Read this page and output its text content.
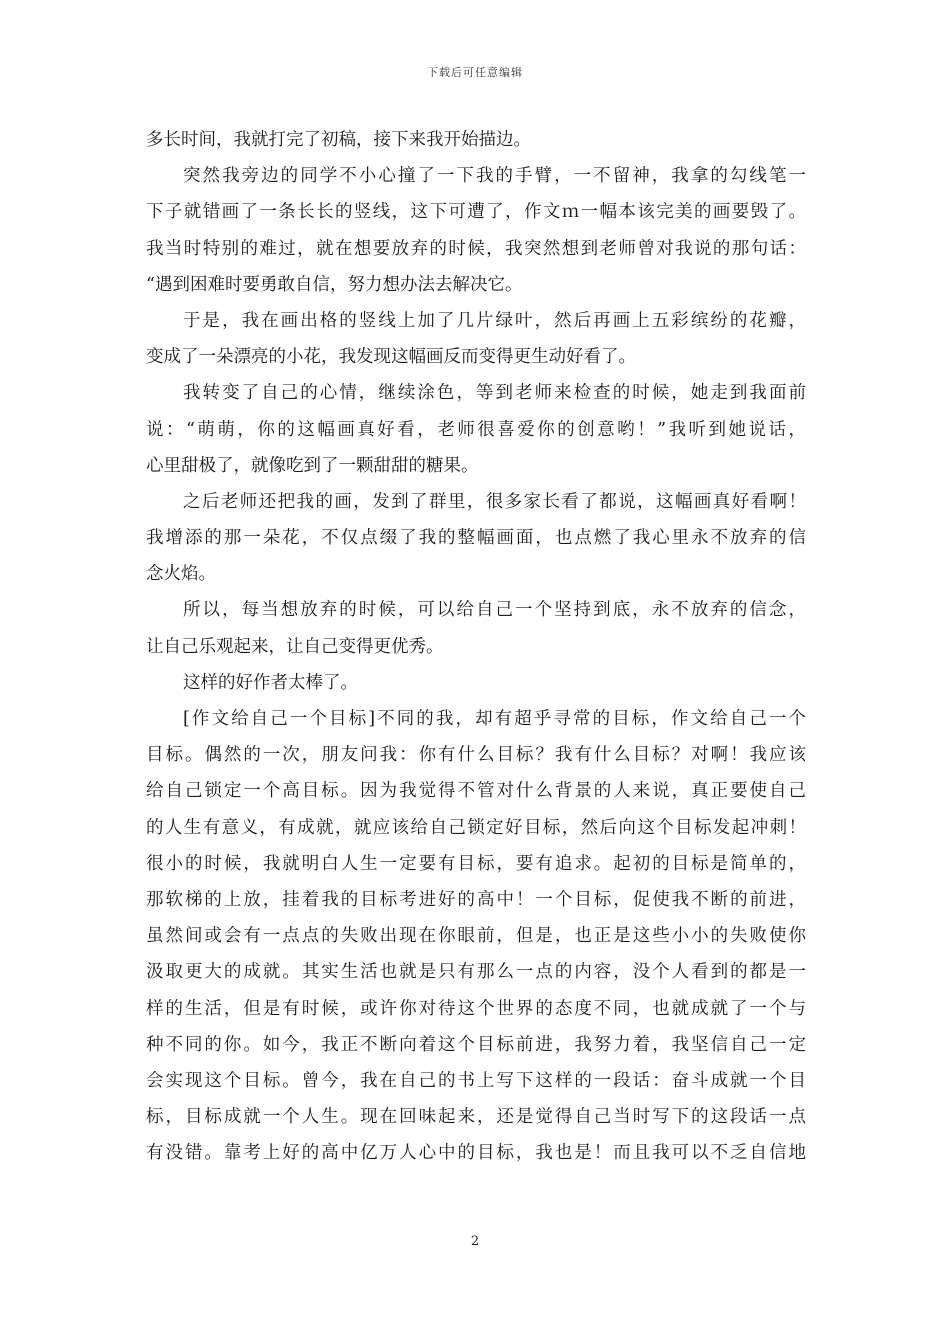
下载后可任意编辑
多长时间，我就打完了初稿，接下来我开始描边。
突然我旁边的同学不小心撞了一下我的手臂，一不留神，我拿的勾线笔一
下子就错画了一条长长的竖线，这下可遭了，作文ｍ一幅本该完美的画要毁了。
我当时特别的难过，就在想要放弃的时候，我突然想到老师曾对我说的那句话：
“遇到困难时要勇敢自信，努力想办法去解决它。
于是，我在画出格的竖线上加了几片绿叶，然后再画上五彩缤纷的花瓣，
变成了一朵漂亮的小花，我发现这幅画反而变得更生动好看了。
我转变了自己的心情，继续涂色，等到老师来检查的时候，她走到我面前
说：“萌萌，你的这幅画真好看，老师很喜爱你的创意哟！”我听到她说话，
心里甜极了，就像吃到了一颗甜甜的糖果。
之后老师还把我的画，发到了群里，很多家长看了都说，这幅画真好看啊！
我增添的那一朵花，不仅点缀了我的整幅画面，也点燃了我心里永不放弃的信
念火焰。
所以，每当想放弃的时候，可以给自己一个坚持到底，永不放弃的信念，
让自己乐观起来，让自己变得更优秀。
这样的好作者太棒了。
[作文给自己一个目标]不同的我，却有超乎寻常的目标，作文给自己一个
目标。偶然的一次，朋友问我：你有什么目标？我有什么目标？对啊！我应该
给自己锁定一个高目标。因为我觉得不管对什么背景的人来说，真正要使自己
的人生有意义，有成就，就应该给自己锁定好目标，然后向这个目标发起冲刺！
很小的时候，我就明白人生一定要有目标，要有追求。起初的目标是简单的，
那软梯的上放，挂着我的目标考进好的高中！一个目标，促使我不断的前进，
虽然间或会有一点点的失败出现在你眼前，但是，也正是这些小小的失败使你
汲取更大的成就。其实生活也就是只有那么一点的内容，没个人看到的都是一
样的生活，但是有时候，或许你对待这个世界的态度不同，也就成就了一个与
种不同的你。如今，我正不断向着这个目标前进，我努力着，我坚信自己一定
会实现这个目标。曾今，我在自己的书上写下这样的一段话：奋斗成就一个目
标，目标成就一个人生。现在回味起来，还是觉得自己当时写下的这段话一点
有没错。靠考上好的高中亿万人心中的目标，我也是！而且我可以不乏自信地
2
